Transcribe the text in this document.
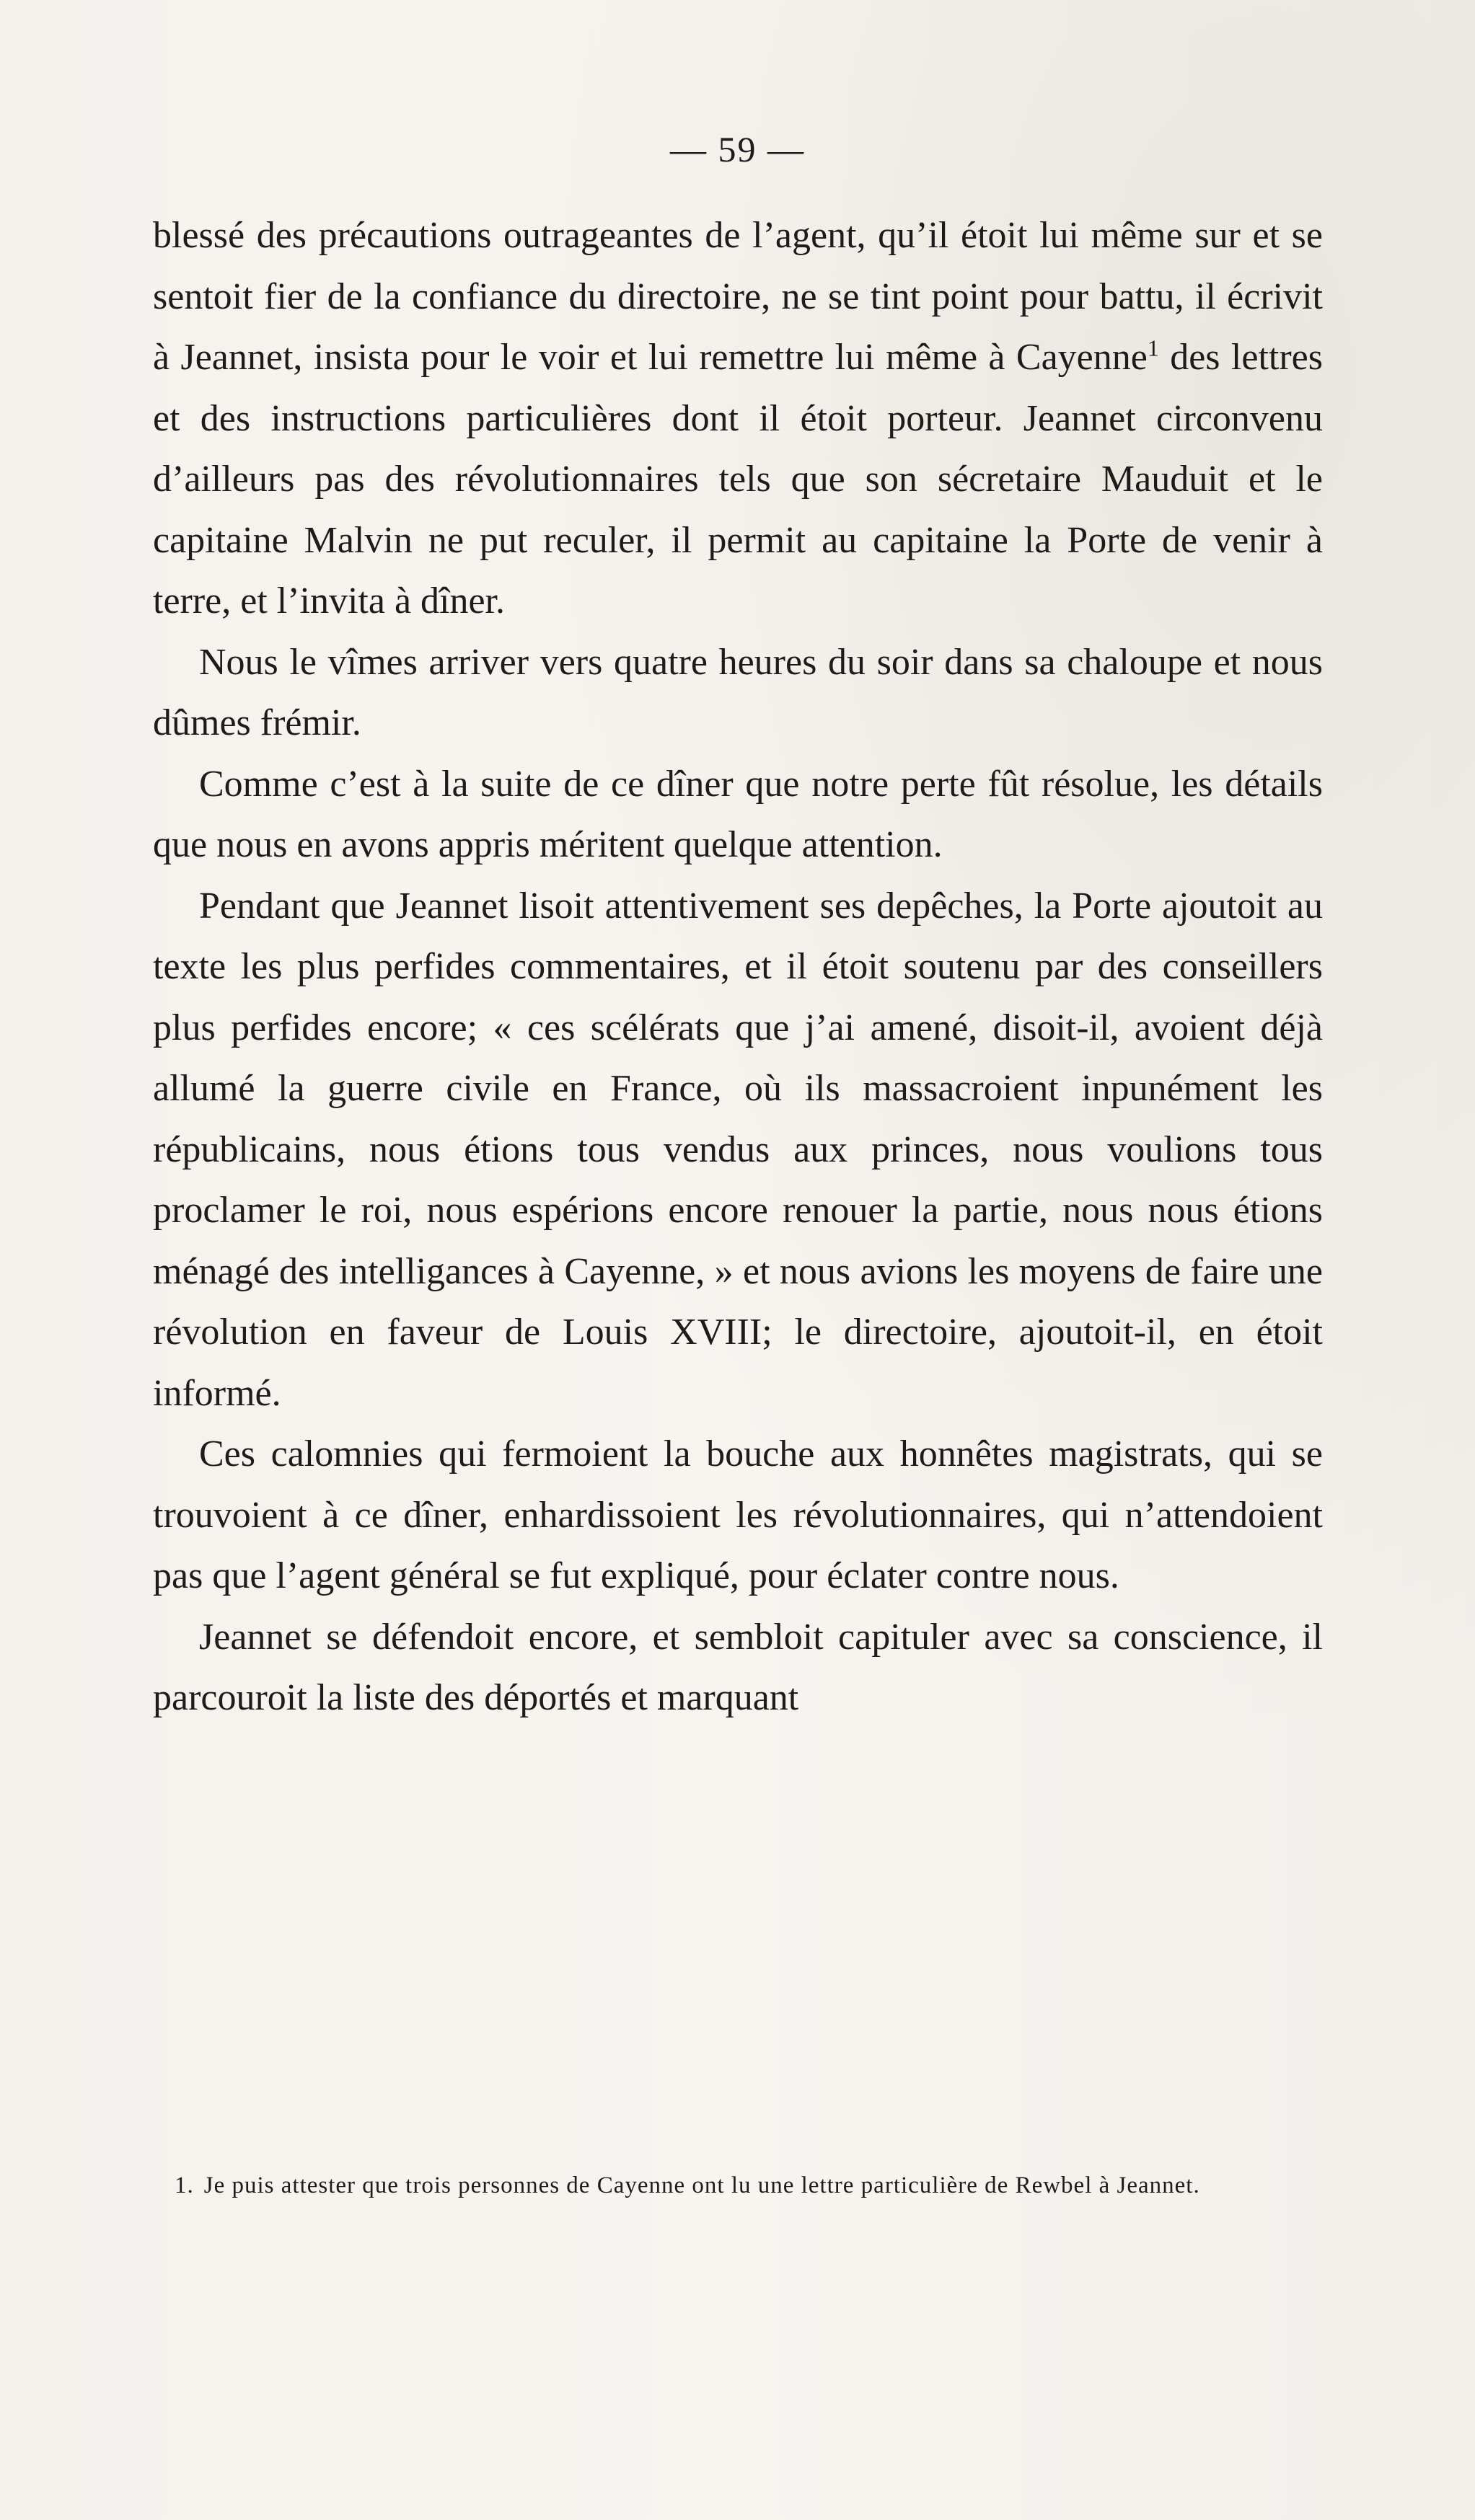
— 59 —

blessé des précautions outrageantes de l’agent, qu’il étoit lui même sur et se sentoit fier de la confiance du directoire, ne se tint point pour battu, il écrivit à Jeannet, insista pour le voir et lui remettre lui même à Cayenne$^1$ des lettres et des instructions particulières dont il étoit porteur. Jeannet circonvenu d’ailleurs pas des révolutionnaires tels que son sécretaire Mauduit et le capitaine Malvin ne put reculer, il permit au capitaine la Porte de venir à terre, et l’invita à dîner.

Nous le vîmes arriver vers quatre heures du soir dans sa chaloupe et nous dûmes frémir.

Comme c’est à la suite de ce dîner que notre perte fût résolue, les détails que nous en avons appris méritent quelque attention.

Pendant que Jeannet lisoit attentivement ses depêches, la Porte ajoutoit au texte les plus perfides commentaires, et il étoit soutenu par des conseillers plus perfides encore; « ces scélérats que j’ai amené, disoit-il, avoient déjà allumé la guerre civile en France, où ils massacroient inpunément les républicains, nous étions tous vendus aux princes, nous voulions tous proclamer le roi, nous espérions encore renouer la partie, nous nous étions ménagé des intelligances à Cayenne, » et nous avions les moyens de faire une révolution en faveur de Louis XVIII; le directoire, ajoutoit-il, en étoit informé.

Ces calomnies qui fermoient la bouche aux honnêtes magistrats, qui se trouvoient à ce dîner, enhardissoient les révolutionnaires, qui n’attendoient pas que l’agent général se fut expliqué, pour éclater contre nous.

Jeannet se défendoit encore, et sembloit capituler avec sa conscience, il parcouroit la liste des déportés et marquant

1. Je puis attester que trois personnes de Cayenne ont lu une lettre particulière de Rewbel à Jeannet.
